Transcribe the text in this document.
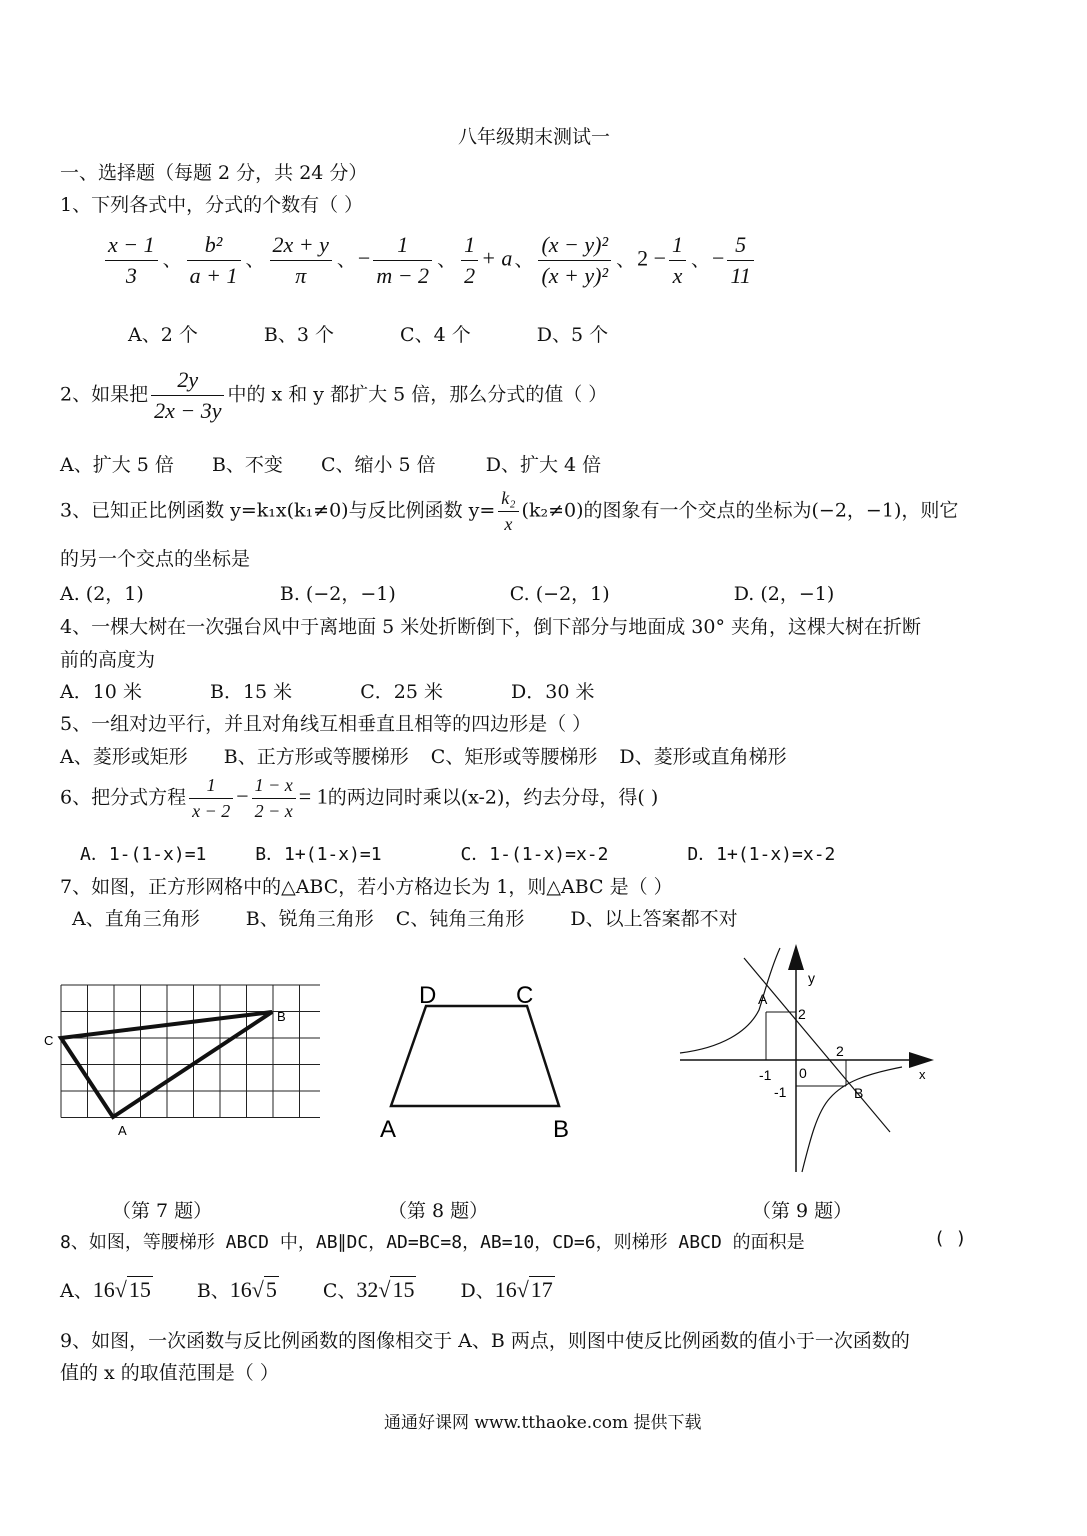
八年级期末测试一
一、选择题（每题 2 分，共 24 分）
1、下列各式中，分式的个数有（ ）
$\frac{x - 1}{3}$ 、 $\frac{\text{b²}}{a + 1}$ 、 $\frac{2x + y}{\pi}$ 、− $\frac{1}{m - 2}$ 、 $\frac{1}{2} + a$ 、 $\frac{\text{(x − y)²}}{\text{(x + y)²}}$ 、$2 - \frac{1}{x}$ 、− $\frac{5}{11}$
A、2 个	B、3 个	C、4 个	D、5 个
2、如果把 $\frac{2y}{2x - 3y}$ 中的 x 和 y 都扩大 5 倍，那么分式的值（ ）
A、扩大 5 倍 B、不变 C、缩小 5 倍	D、扩大 4 倍
3、已知正比例函数 y=k₁x(k₁≠0)与反比例函数 $y= \frac{\text{k₂}}{x} (k_2\ne 0)$的图象有一个交点的坐标为(−2，−1)，则它
的另一个交点的坐标是
A. (2，1)	B. (−2，−1)	C. (−2，1)	D. (2，−1)
4、一棵大树在一次强台风中于离地面 5 米处折断倒下，倒下部分与地面成 30° 夹角，这棵大树在折断
前的高度为
A．10 米	B．15 米	C．25 米	D．30 米
5、一组对边平行，并且对角线互相垂直且相等的四边形是（ ）
A、菱形或矩形 B、正方形或等腰梯形 C、矩形或等腰梯形 D、菱形或直角梯形
6、把分式方程 $\frac{1}{x - 2} - \frac{1 - x}{2 - x} = 1$的两边同时乘以(x-2)，约去分母，得( )
A．1-(1-x)=1	B．1+(1-x)=1	C．1-(1-x)=x-2	D．1+(1-x)=x-2
7、如图，正方形网格中的△ABC，若小方格边长为 1，则△ABC 是（ ）
A、直角三角形 B、锐角三角形 C、钝角三角形 D、以上答案都不对
C
B
A
（第 7 题）
D	C
A	B
（第 8 题）
y
A
2
2
-1 0
-1	B
x
（第 9 题）
8、如图，等腰梯形 ABCD 中，AB∥DC，AD=BC=8，AB=10，CD=6，则梯形 ABCD 的面积是	( )
A、16√15 B、16√5 C、32√15 D、16√17
9、如图，一次函数与反比例函数的图像相交于 A、B 两点，则图中使反比例函数的值小于一次函数的
值的 x 的取值范围是（ ）
通通好课网 www.tthaoke.com 提供下载
